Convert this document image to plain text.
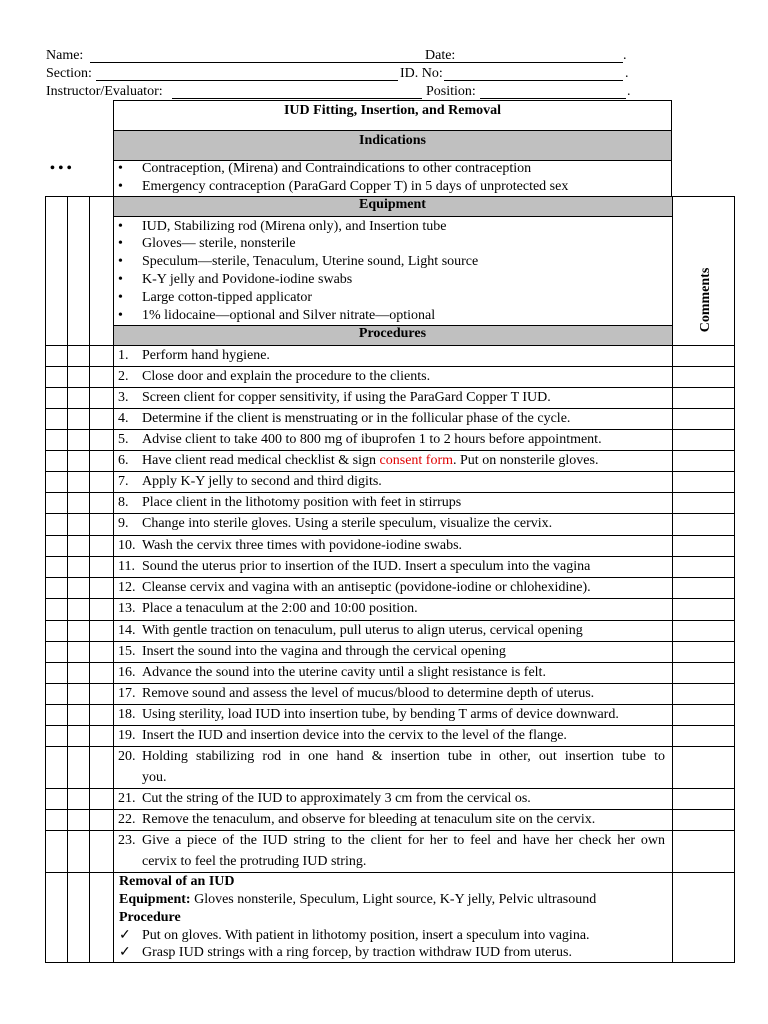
Name:	Date:	.
Section:	ID. No:	.
Instructor/Evaluator:	Position:	.
IUD Fitting, Insertion, and Removal
Indications
• • •	• Contraception, (Mirena) and Contraindications to other contraception
• Emergency contraception (ParaGard Copper T) in 5 days of unprotected sex
Equipment
• IUD, Stabilizing rod (Mirena only), and Insertion tube
• Gloves— sterile, nonsterile
• Speculum—sterile, Tenaculum, Uterine sound, Light source
• K-Y jelly and Povidone-iodine swabs
• Large cotton-tipped applicator
• 1% lidocaine—optional and Silver nitrate—optional	Comments
Procedures
1. Perform hand hygiene.
2. Close door and explain the procedure to the clients.
3. Screen client for copper sensitivity, if using the ParaGard Copper T IUD.
4. Determine if the client is menstruating or in the follicular phase of the cycle.
5. Advise client to take 400 to 800 mg of ibuprofen 1 to 2 hours before appointment.
6. Have client read medical checklist & sign consent form. Put on nonsterile gloves.
7. Apply K-Y jelly to second and third digits.
8. Place client in the lithotomy position with feet in stirrups
9. Change into sterile gloves. Using a sterile speculum, visualize the cervix.
10. Wash the cervix three times with povidone-iodine swabs.
11. Sound the uterus prior to insertion of the IUD. Insert a speculum into the vagina
12. Cleanse cervix and vagina with an antiseptic (povidone-iodine or chlohexidine).
13. Place a tenaculum at the 2:00 and 10:00 position.
14. With gentle traction on tenaculum, pull uterus to align uterus, cervical opening
15. Insert the sound into the vagina and through the cervical opening
16. Advance the sound into the uterine cavity until a slight resistance is felt.
17. Remove sound and assess the level of mucus/blood to determine depth of uterus.
18. Using sterility, load IUD into insertion tube, by bending T arms of device downward.
19. Insert the IUD and insertion device into the cervix to the level of the flange.
20. Holding stabilizing rod in one hand & insertion tube in other, out insertion tube to
you.
21. Cut the string of the IUD to approximately 3 cm from the cervical os.
22. Remove the tenaculum, and observe for bleeding at tenaculum site on the cervix.
23. Give a piece of the IUD string to the client for her to feel and have her check her own
cervix to feel the protruding IUD string.
Removal of an IUD
Equipment: Gloves nonsterile, Speculum, Light source, K-Y jelly, Pelvic ultrasound
Procedure
✓ Put on gloves. With patient in lithotomy position, insert a speculum into vagina.
✓ Grasp IUD strings with a ring forcep, by traction withdraw IUD from uterus.
